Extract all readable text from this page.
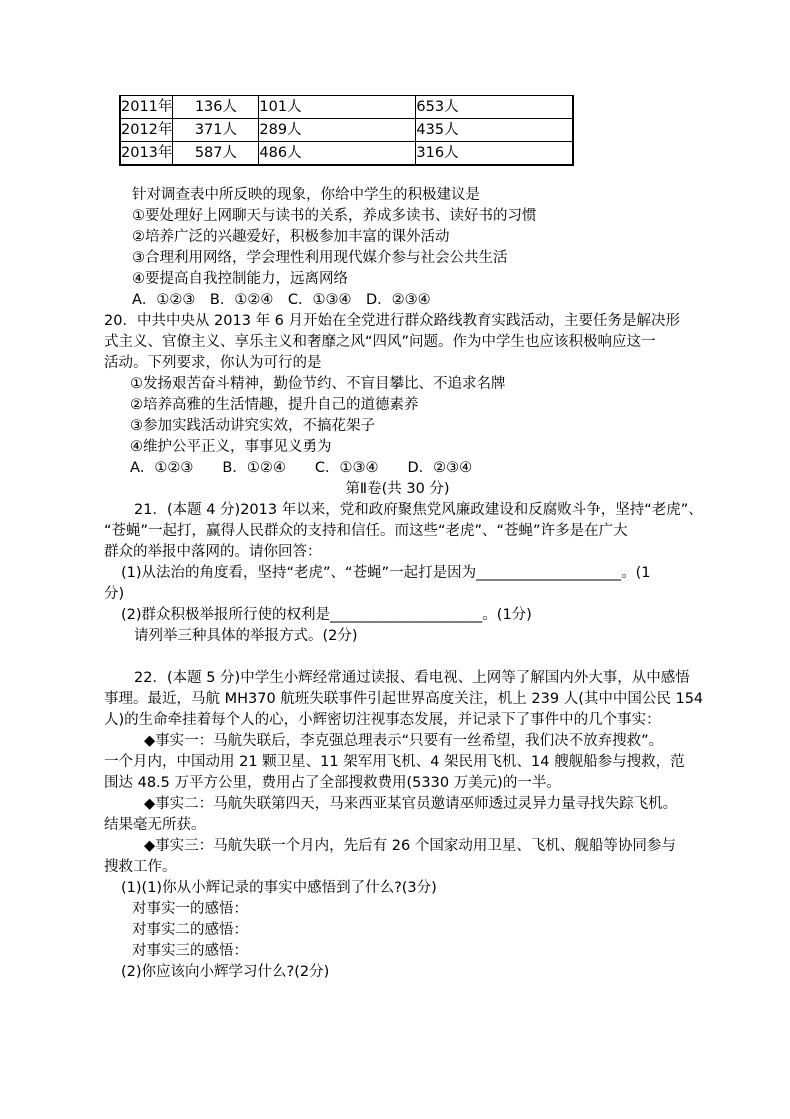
2011年	136人	101人	653人
2012年	371人	289人	435人
2013年	587人	486人	316人

针对调查表中所反映的现象，你给中学生的积极建议是

①要处理好上网聊天与读书的关系，养成多读书、读好书的习惯

②培养广泛的兴趣爱好，积极参加丰富的课外活动

③合理利用网络，学会理性利用现代媒介参与社会公共生活

④要提高自我控制能力，远离网络

A．①②③　B．①②④　C．①③④　D．②③④

20．中共中央从 2013 年 6 月开始在全党进行群众路线教育实践活动，主要任务是解决形

式主义、官僚主义、享乐主义和奢靡之风“四风”问题。作为中学生也应该积极响应这一

活动。下列要求，你认为可行的是

①发扬艰苦奋斗精神，勤俭节约、不盲目攀比、不追求名牌

②培养高雅的生活情趣，提升自己的道德素养

③参加实践活动讲究实效，不搞花架子

④维护公平正义，事事见义勇为

A．①②③　　B．①②④　　C．①③④　　D．②③④

第Ⅱ卷(共 30 分)

21．(本题 4 分)2013 年以来，党和政府聚焦党风廉政建设和反腐败斗争，坚持“老虎”、

“苍蝇”一起打，赢得人民群众的支持和信任。而这些“老虎”、“苍蝇”许多是在广大

群众的举报中落网的。请你回答：

(1)从法治的角度看，坚持“老虎”、“苍蝇”一起打是因为____________________。(1

分)

(2)群众积极举报所行使的权利是_____________________。(1分)

请列举三种具体的举报方式。(2分)

22．(本题 5 分)中学生小辉经常通过读报、看电视、上网等了解国内外大事，从中感悟

事理。最近，马航 MH370 航班失联事件引起世界高度关注，机上 239 人(其中中国公民 154

人)的生命牵挂着每个人的心，小辉密切注视事态发展，并记录下了事件中的几个事实：

◆事实一：马航失联后，李克强总理表示“只要有一丝希望，我们决不放弃搜救”。

一个月内，中国动用 21 颗卫星、11 架军用飞机、4 架民用飞机、14 艘舰船参与搜救，范

围达 48.5 万平方公里，费用占了全部搜救费用(5330 万美元)的一半。

◆事实二：马航失联第四天，马来西亚某官员邀请巫师透过灵异力量寻找失踪飞机。

结果毫无所获。

◆事实三：马航失联一个月内，先后有 26 个国家动用卫星、飞机、舰船等协同参与

搜救工作。

(1)(1)你从小辉记录的事实中感悟到了什么?(3分)

对事实一的感悟：

对事实二的感悟：

对事实三的感悟：

(2)你应该向小辉学习什么?(2分)
